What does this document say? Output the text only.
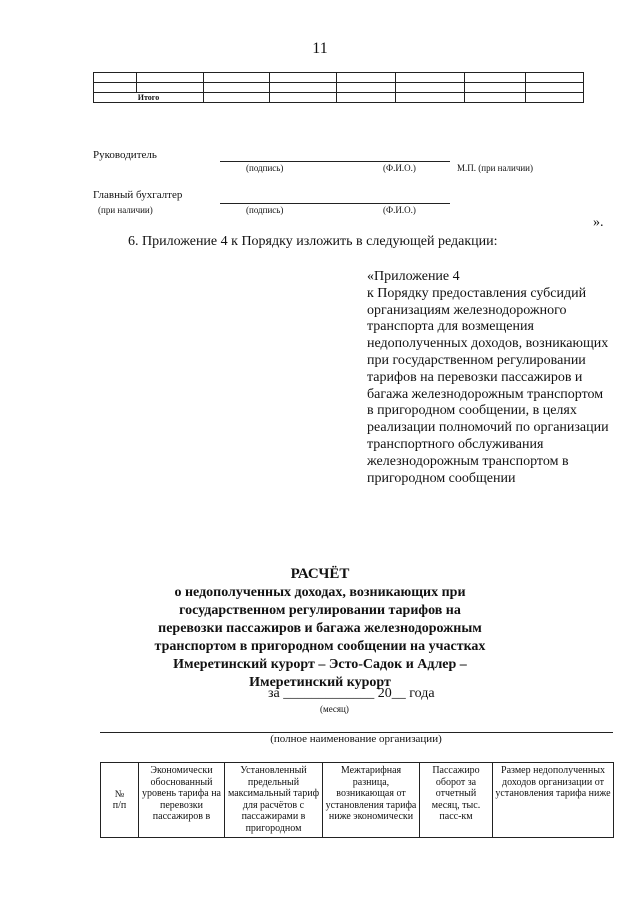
11

Итого							
Руководитель
(подпись)	(Ф.И.О.)	М.П. (при наличии)
Главный бухгалтер
(при наличии)	(подпись)	(Ф.И.О.)
».
6. Приложение 4 к Порядку изложить в следующей редакции:
«Приложение 4
к Порядку предоставления субсидий организациям железнодорожного транспорта для возмещения недополученных доходов, возникающих при государственном регулировании тарифов на перевозки пассажиров и багажа железнодорожным транспортом в пригородном сообщении, в целях реализации полномочий по организации транспортного обслуживания железнодорожным транспортом в пригородном сообщении
РАСЧЁТ
о недополученных доходах, возникающих при государственном регулировании тарифов на перевозки пассажиров и багажа железнодорожным транспортом в пригородном сообщении на участках Имеретинский курорт – Эсто-Садок и Адлер – Имеретинский курорт
за _____________ 20__ года
(месяц)
(полное наименование организации)
№
п/п	Экономически обоснованный уровень тарифа на перевозки пассажиров в	Установленный предельный максимальный тариф для расчётов с пассажирами в пригородном	Межтарифная разница, возникающая от установления тарифа ниже экономически	Пассажиро оборот за отчетный месяц, тыс. пасс-км	Размер недополученных доходов организации от установления тарифа ниже
